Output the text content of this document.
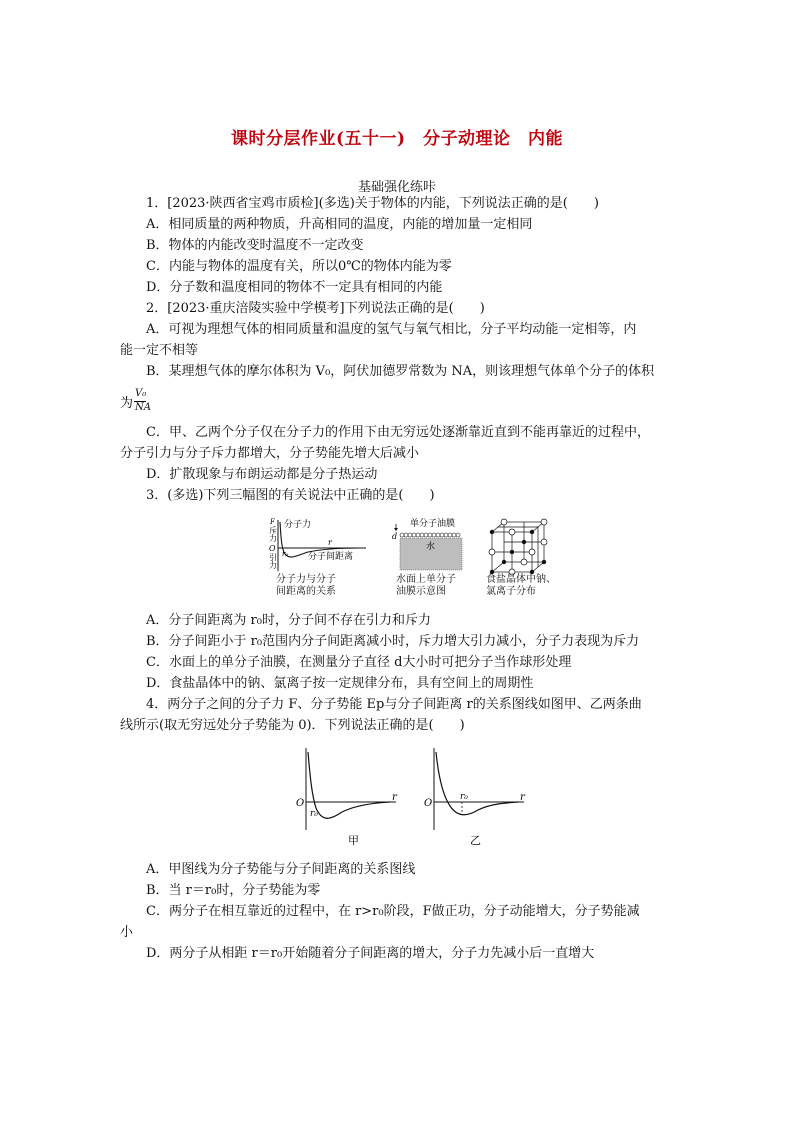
课时分层作业(五十一)　分子动理论　内能
基础强化练咔
1．[2023·陕西省宝鸡市质检](多选)关于物体的内能，下列说法正确的是(　　)
A．相同质量的两种物质，升高相同的温度，内能的增加量一定相同
B．物体的内能改变时温度不一定改变
C．内能与物体的温度有关，所以0℃的物体内能为零
D．分子数和温度相同的物体不一定具有相同的内能
2．[2023·重庆涪陵实验中学模考]下列说法正确的是(　　)
A．可视为理想气体的相同质量和温度的氢气与氧气相比，分子平均动能一定相等，内
能一定不相等
B．某理想气体的摩尔体积为 V₀，阿伏加德罗常数为 NA，则该理想气体单个分子的体积
为
V₀
NA
C．甲、乙两个分子仅在分子力的作用下由无穷远处逐渐靠近直到不能再靠近的过程中，
分子引力与分子斥力都增大，分子势能先增大后减小
D．扩散现象与布朗运动都是分子热运动
3．(多选)下列三幅图的有关说法中正确的是(　　)
F
斥
力
O
引
力
分子力
r
r₀ 分子间距离
分子力与分子
间距离的关系
单分子油膜
d
水
水面上单分子
油膜示意图
食盐晶体中钠、
氯离子分布
A．分子间距离为 r₀时，分子间不存在引力和斥力
B．分子间距小于 r₀范围内分子间距离减小时，斥力增大引力减小，分子力表现为斥力
C．水面上的单分子油膜，在测量分子直径 d大小时可把分子当作球形处理
D．食盐晶体中的钠、氯离子按一定规律分布，具有空间上的周期性
4．两分子之间的分子力 F、分子势能 Ep与分子间距离 r的关系图线如图甲、乙两条曲
线所示(取无穷远处分子势能为 0)．下列说法正确的是(　　)
O
r
r₀
甲
O
r
r₀
乙
A．甲图线为分子势能与分子间距离的关系图线
B．当 r＝r₀时，分子势能为零
C．两分子在相互靠近的过程中，在 r>r₀阶段，F做正功，分子动能增大，分子势能减
小
D．两分子从相距 r＝r₀开始随着分子间距离的增大，分子力先减小后一直增大
